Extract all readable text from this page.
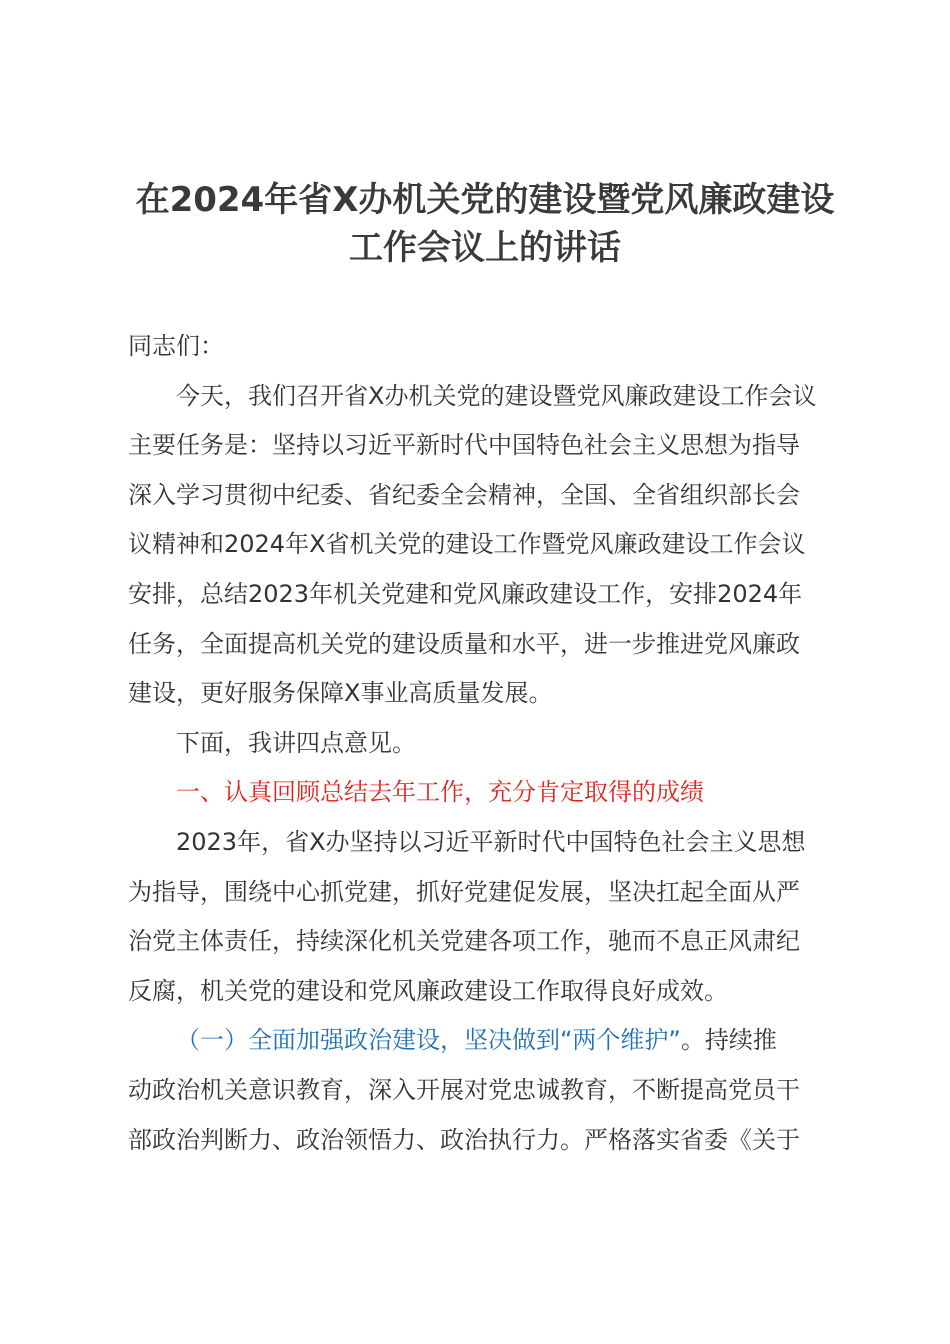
在2024年省X办机关党的建设暨党风廉政建设
工作会议上的讲话
同志们：
今天，我们召开省X办机关党的建设暨党风廉政建设工作会议
主要任务是：坚持以习近平新时代中国特色社会主义思想为指导
深入学习贯彻中纪委、省纪委全会精神，全国、全省组织部长会
议精神和2024年X省机关党的建设工作暨党风廉政建设工作会议
安排，总结2023年机关党建和党风廉政建设工作，安排2024年
任务，全面提高机关党的建设质量和水平，进一步推进党风廉政
建设，更好服务保障X事业高质量发展。
下面，我讲四点意见。
一、认真回顾总结去年工作，充分肯定取得的成绩
2023年，省X办坚持以习近平新时代中国特色社会主义思想
为指导，围绕中心抓党建，抓好党建促发展，坚决扛起全面从严
治党主体责任，持续深化机关党建各项工作，驰而不息正风肃纪
反腐，机关党的建设和党风廉政建设工作取得良好成效。
（一）全面加强政治建设，坚决做到“两个维护”。持续推
动政治机关意识教育，深入开展对党忠诚教育，不断提高党员干
部政治判断力、政治领悟力、政治执行力。严格落实省委《关于
